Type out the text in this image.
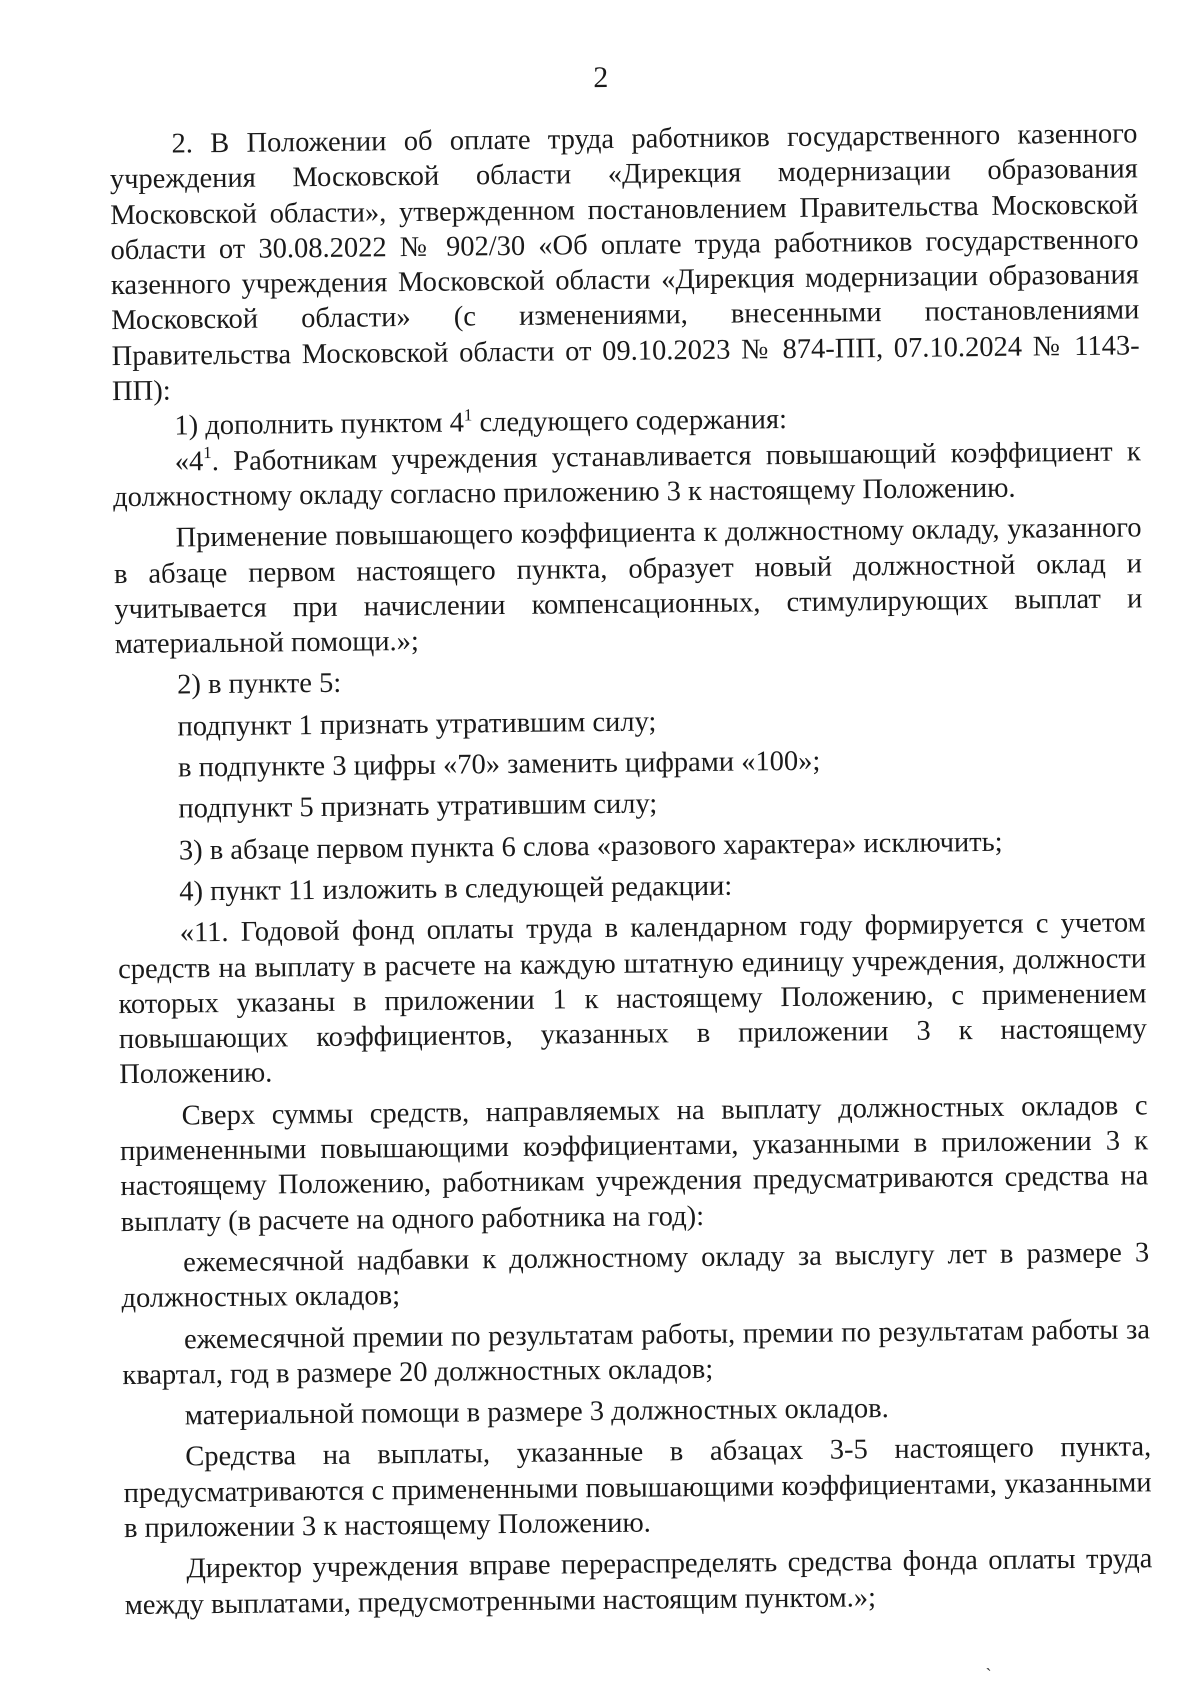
2

2. В Положении об оплате труда работников государственного казенного учреждения Московской области «Дирекция модернизации образования Московской области», утвержденном постановлением Правительства Московской области от 30.08.2022 № 902/30 «Об оплате труда работников государственного казенного учреждения Московской области «Дирекция модернизации образования Московской области» (с изменениями, внесенными постановлениями Правительства Московской области от 09.10.2023 № 874-ПП, 07.10.2024 № 1143-ПП):

1) дополнить пунктом $4^1$ следующего содержания:

«$4^1$. Работникам учреждения устанавливается повышающий коэффициент к должностному окладу согласно приложению 3 к настоящему Положению.

Применение повышающего коэффициента к должностному окладу, указанного в абзаце первом настоящего пункта, образует новый должностной оклад и учитывается при начислении компенсационных, стимулирующих выплат и материальной помощи.»;

2) в пункте 5:

подпункт 1 признать утратившим силу;

в подпункте 3 цифры «70» заменить цифрами «100»;

подпункт 5 признать утратившим силу;

3) в абзаце первом пункта 6 слова «разового характера» исключить;

4) пункт 11 изложить в следующей редакции:

«11. Годовой фонд оплаты труда в календарном году формируется с учетом средств на выплату в расчете на каждую штатную единицу учреждения, должности которых указаны в приложении 1 к настоящему Положению, с применением повышающих коэффициентов, указанных в приложении 3 к настоящему Положению.

Сверх суммы средств, направляемых на выплату должностных окладов с примененными повышающими коэффициентами, указанными в приложении 3 к настоящему Положению, работникам учреждения предусматриваются средства на выплату (в расчете на одного работника на год):

ежемесячной надбавки к должностному окладу за выслугу лет в размере 3 должностных окладов;

ежемесячной премии по результатам работы, премии по результатам работы за квартал, год в размере 20 должностных окладов;

материальной помощи в размере 3 должностных окладов.

Средства на выплаты, указанные в абзацах 3-5 настоящего пункта, предусматриваются с примененными повышающими коэффициентами, указанными в приложении 3 к настоящему Положению.

Директор учреждения вправе перераспределять средства фонда оплаты труда между выплатами, предусмотренными настоящим пунктом.»;

ˏ
